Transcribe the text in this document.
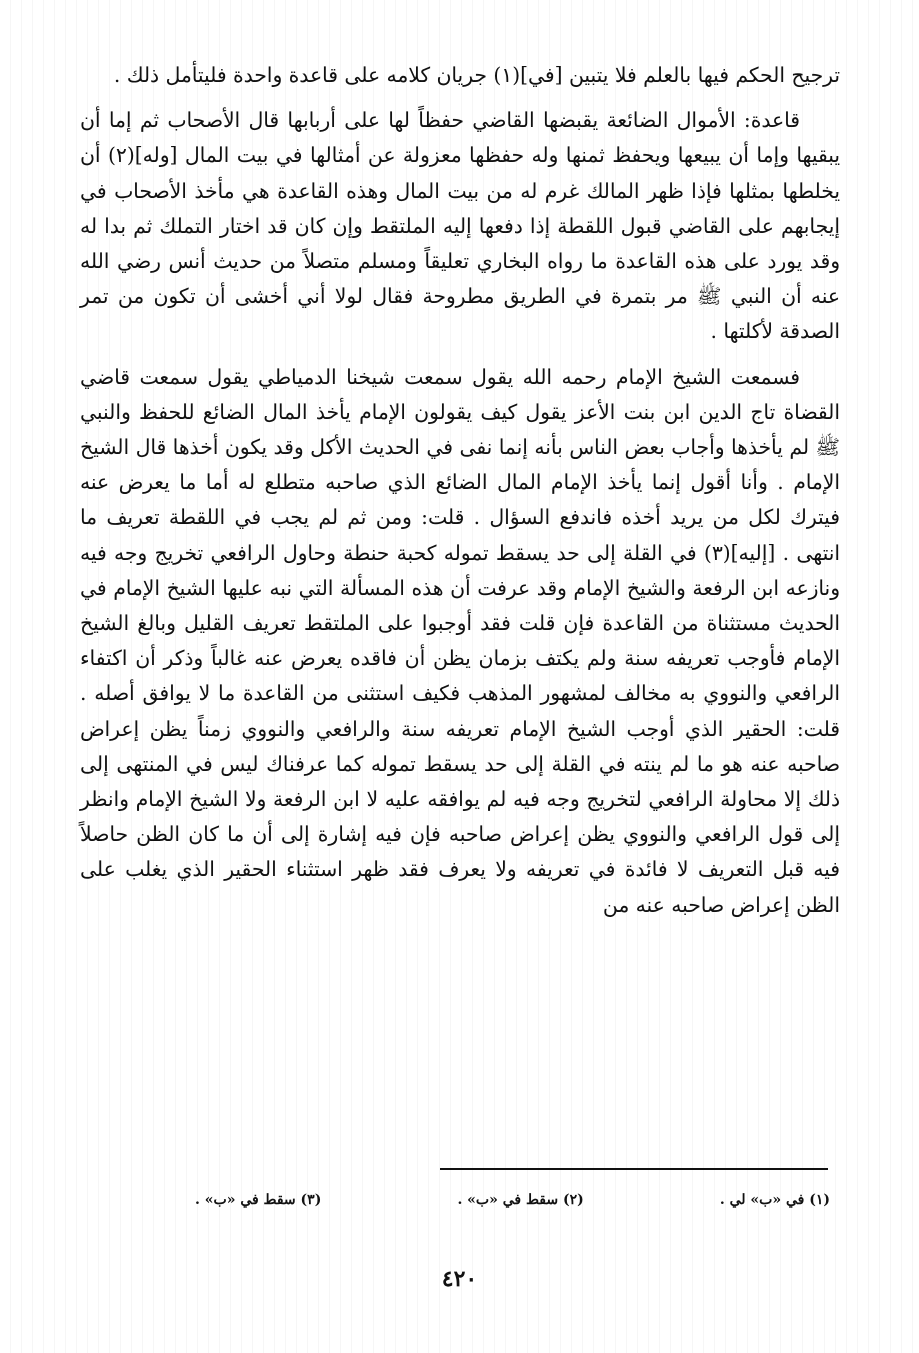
ترجيح الحكم فيها بالعلم فلا يتبين [في](١) جريان كلامه على قاعدة واحدة فليتأمل ذلك .

قاعدة: الأموال الضائعة يقبضها القاضي حفظاً لها على أربابها قال الأصحاب ثم إما أن يبقيها وإما أن يبيعها ويحفظ ثمنها وله حفظها معزولة عن أمثالها في بيت المال [وله](٢) أن يخلطها بمثلها فإذا ظهر المالك غرم له من بيت المال وهذه القاعدة هي مأخذ الأصحاب في إيجابهم على القاضي قبول اللقطة إذا دفعها إليه الملتقط وإن كان قد اختار التملك ثم بدا له وقد يورد على هذه القاعدة ما رواه البخاري تعليقاً ومسلم متصلاً من حديث أنس رضي الله عنه أن النبي ﷺ مر بتمرة في الطريق مطروحة فقال لولا أني أخشى أن تكون من تمر الصدقة لأكلتها .

فسمعت الشيخ الإمام رحمه الله يقول سمعت شيخنا الدمياطي يقول سمعت قاضي القضاة تاج الدين ابن بنت الأعز يقول كيف يقولون الإمام يأخذ المال الضائع للحفظ والنبي ﷺ لم يأخذها وأجاب بعض الناس بأنه إنما نفى في الحديث الأكل وقد يكون أخذها قال الشيخ الإمام . وأنا أقول إنما يأخذ الإمام المال الضائع الذي صاحبه متطلع له أما ما يعرض عنه فيترك لكل من يريد أخذه فاندفع السؤال . قلت: ومن ثم لم يجب في اللقطة تعريف ما انتهى . [إليه](٣) في القلة إلى حد يسقط تموله كحبة حنطة وحاول الرافعي تخريج وجه فيه ونازعه ابن الرفعة والشيخ الإمام وقد عرفت أن هذه المسألة التي نبه عليها الشيخ الإمام في الحديث مستثناة من القاعدة فإن قلت فقد أوجبوا على الملتقط تعريف القليل وبالغ الشيخ الإمام فأوجب تعريفه سنة ولم يكتف بزمان يظن أن فاقده يعرض عنه غالباً وذكر أن اكتفاء الرافعي والنووي به مخالف لمشهور المذهب فكيف استثنى من القاعدة ما لا يوافق أصله . قلت: الحقير الذي أوجب الشيخ الإمام تعريفه سنة والرافعي والنووي زمناً يظن إعراض صاحبه عنه هو ما لم ينته في القلة إلى حد يسقط تموله كما عرفناك ليس في المنتهى إلى ذلك إلا محاولة الرافعي لتخريج وجه فيه لم يوافقه عليه لا ابن الرفعة ولا الشيخ الإمام وانظر إلى قول الرافعي والنووي يظن إعراض صاحبه فإن فيه إشارة إلى أن ما كان الظن حاصلاً فيه قبل التعريف لا فائدة في تعريفه ولا يعرف فقد ظهر استثناء الحقير الذي يغلب على الظن إعراض صاحبه عنه من

(١) في «ب» لي .
(٢) سقط في «ب» .
(٣) سقط في «ب» .
٤٢٠
